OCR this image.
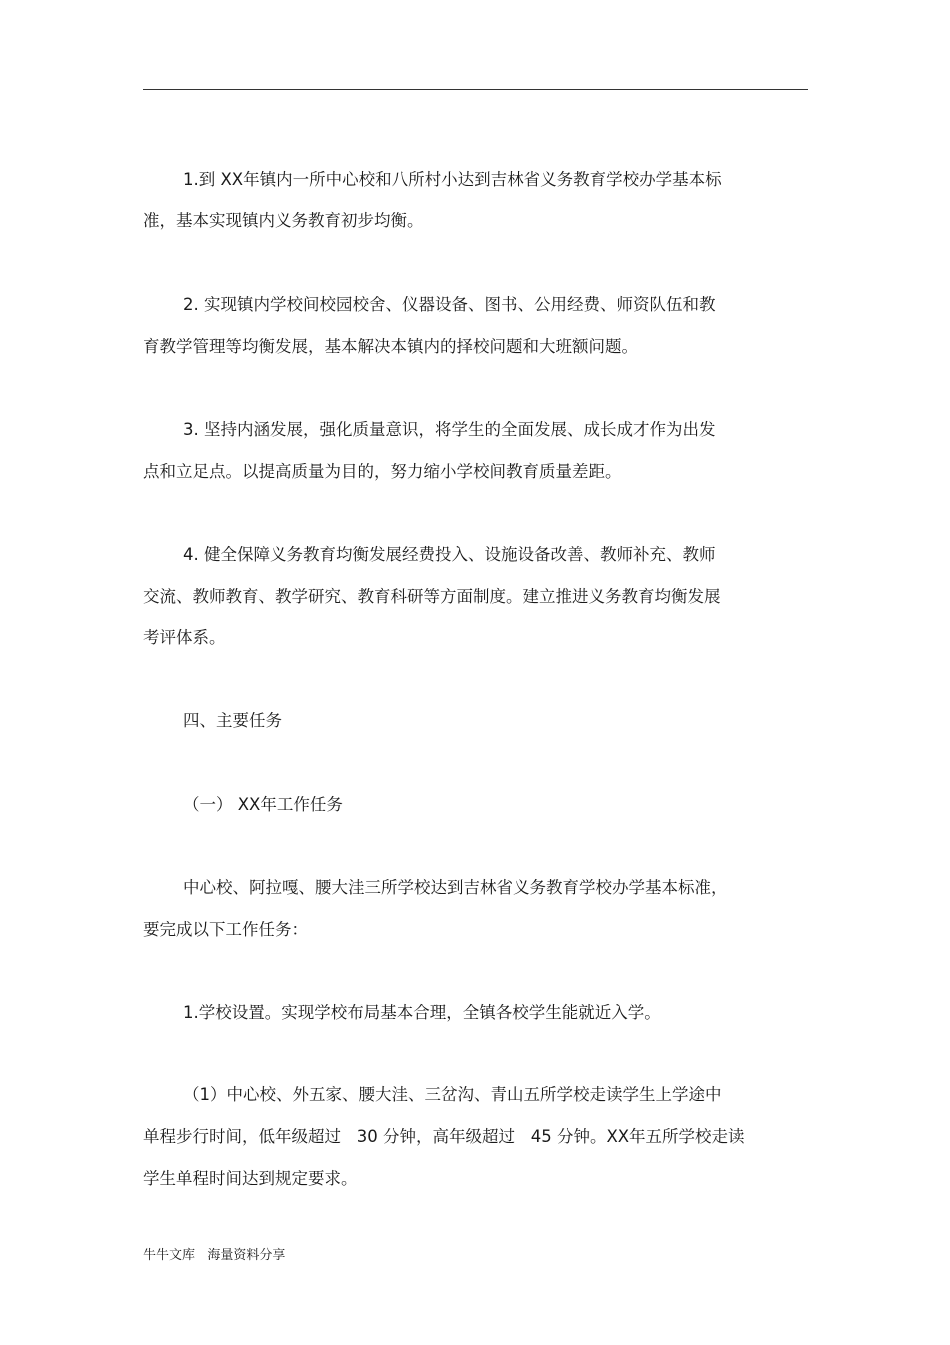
1.到 XX年镇内一所中心校和八所村小达到吉林省义务教育学校办学基本标
准，基本实现镇内义务教育初步均衡。
2. 实现镇内学校间校园校舍、仪器设备、图书、公用经费、师资队伍和教
育教学管理等均衡发展，基本解决本镇内的择校问题和大班额问题。
3. 坚持内涵发展，强化质量意识，将学生的全面发展、成长成才作为出发
点和立足点。以提高质量为目的，努力缩小学校间教育质量差距。
4. 健全保障义务教育均衡发展经费投入、设施设备改善、教师补充、教师
交流、教师教育、教学研究、教育科研等方面制度。建立推进义务教育均衡发展
考评体系。
四、主要任务
（一） XX年工作任务
中心校、阿拉嘎、腰大洼三所学校达到吉林省义务教育学校办学基本标准，
要完成以下工作任务：
1.学校设置。实现学校布局基本合理，全镇各校学生能就近入学。
（1）中心校、外五家、腰大洼、三岔沟、青山五所学校走读学生上学途中
单程步行时间，低年级超过   30 分钟，高年级超过   45 分钟。XX年五所学校走读
学生单程时间达到规定要求。
牛牛文库   海量资料分享
